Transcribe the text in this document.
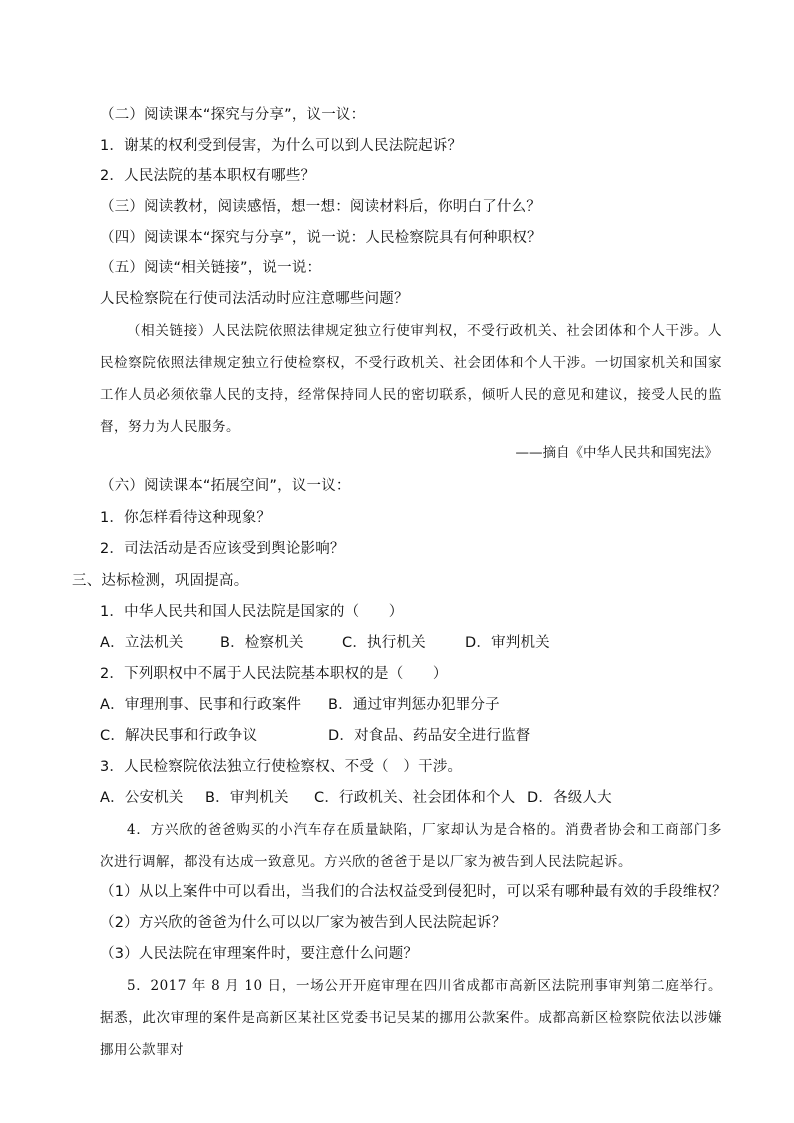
（二）阅读课本“探究与分享”，议一议：
1．谢某的权利受到侵害，为什么可以到人民法院起诉？
2．人民法院的基本职权有哪些？
（三）阅读教材，阅读感悟，想一想：阅读材料后，你明白了什么？
（四）阅读课本“探究与分享”，说一说：人民检察院具有何种职权？
（五）阅读“相关链接”，说一说：
人民检察院在行使司法活动时应注意哪些问题？

（相关链接）人民法院依照法律规定独立行使审判权，不受行政机关、社会团体和个人干涉。人民检察院依照法律规定独立行使检察权，不受行政机关、社会团体和个人干涉。一切国家机关和国家工作人员必须依靠人民的支持，经常保持同人民的密切联系，倾听人民的意见和建议，接受人民的监督，努力为人民服务。

——摘自《中华人民共和国宪法》
（六）阅读课本“拓展空间”，议一议：
1．你怎样看待这种现象？
2．司法活动是否应该受到舆论影响？
三、达标检测，巩固提高。
1．中华人民共和国人民法院是国家的（　　）
A．立法机关	B．检察机关	C．执行机关	D．审判机关
2．下列职权中不属于人民法院基本职权的是（　　）
A．审理刑事、民事和行政案件 B．通过审判惩办犯罪分子
C．解决民事和行政争议	D．对食品、药品安全进行监督
3．人民检察院依法独立行使检察权、不受（　）干涉。
A．公安机关 B．审判机关 C．行政机关、社会团体和个人 D．各级人大

4．方兴欣的爸爸购买的小汽车存在质量缺陷，厂家却认为是合格的。消费者协会和工商部门多次进行调解，都没有达成一致意见。方兴欣的爸爸于是以厂家为被告到人民法院起诉。

（1）从以上案件中可以看出，当我们的合法权益受到侵犯时，可以采有哪种最有效的手段维权？
（2）方兴欣的爸爸为什么可以以厂家为被告到人民法院起诉？
（3）人民法院在审理案件时，要注意什么问题？

5．2017 年 8 月 10 日，一场公开开庭审理在四川省成都市高新区法院刑事审判第二庭举行。据悉，此次审理的案件是高新区某社区党委书记吴某的挪用公款案件。成都高新区检察院依法以涉嫌挪用公款罪对
